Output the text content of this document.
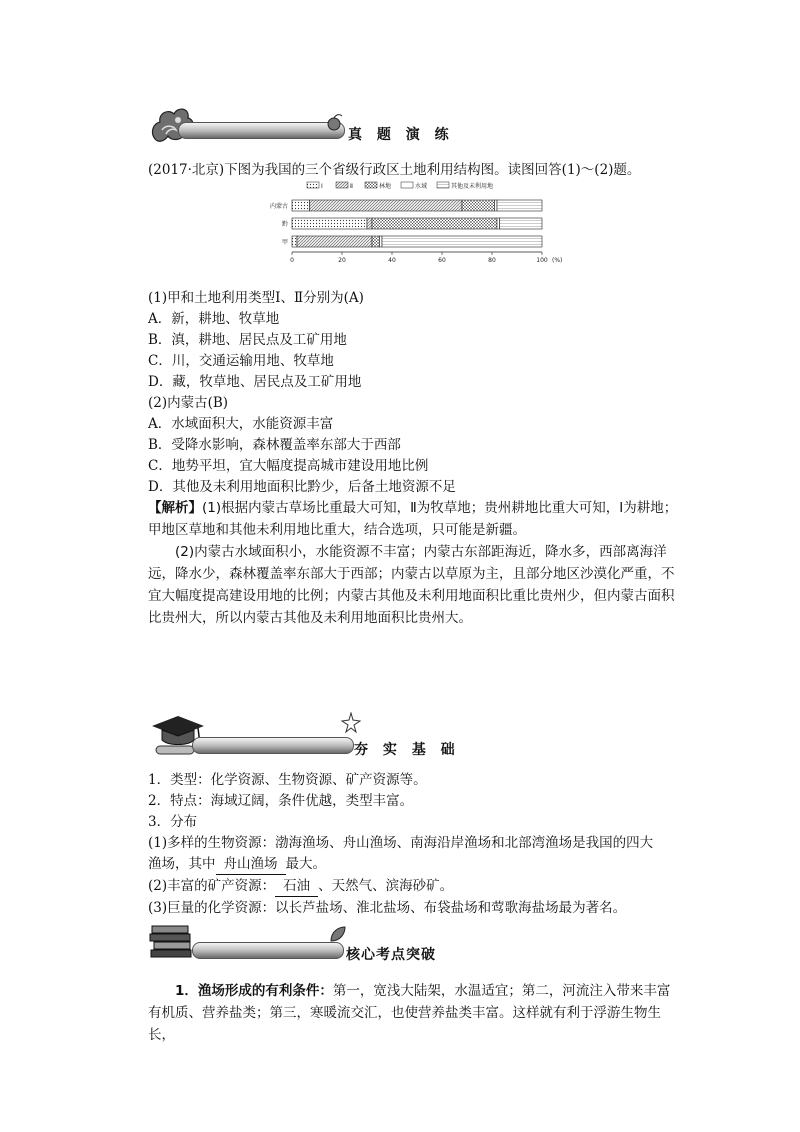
真 题 演 练
(2017·北京)下图为我国的三个省级行政区土地利用结构图。读图回答(1)～(2)题。
Ⅰ	Ⅱ	林地	水域	其他及未利用地
内蒙古
黔
甲
0	20	40	60	80	100 (%)
(1)甲和土地利用类型Ⅰ、Ⅱ分别为(A)
A．新，耕地、牧草地
B．滇，耕地、居民点及工矿用地
C．川，交通运输用地、牧草地
D．藏，牧草地、居民点及工矿用地
(2)内蒙古(B)
A．水域面积大，水能资源丰富
B．受降水影响，森林覆盖率东部大于西部
C．地势平坦，宜大幅度提高城市建设用地比例
D．其他及未利用地面积比黔少，后备土地资源不足
【解析】(1)根据内蒙古草场比重最大可知，Ⅱ为牧草地；贵州耕地比重大可知，Ⅰ为耕地；甲地区草地和其他未利用地比重大，结合选项，只可能是新疆。
(2)内蒙古水域面积小，水能资源不丰富；内蒙古东部距海近，降水多，西部离海洋远，降水少，森林覆盖率东部大于西部；内蒙古以草原为主，且部分地区沙漠化严重，不宜大幅度提高建设用地的比例；内蒙古其他及未利用地面积比重比贵州少，但内蒙古面积比贵州大，所以内蒙古其他及未利用地面积比贵州大。
夯 实 基 础
1．类型：化学资源、生物资源、矿产资源等。
2．特点：海域辽阔，条件优越，类型丰富。
3．分布
(1)多样的生物资源：渤海渔场、舟山渔场、南海沿岸渔场和北部湾渔场是我国的四大
渔场，其中 舟山渔场 最大。
(2)丰富的矿产资源： 石油 、天然气、滨海砂矿。
(3)巨量的化学资源：以长芦盐场、淮北盐场、布袋盐场和莺歌海盐场最为著名。
核心考点突破
1．渔场形成的有利条件：第一，宽浅大陆架，水温适宜；第二，河流注入带来丰富有机质、营养盐类；第三，寒暖流交汇，也使营养盐类丰富。这样就有利于浮游生物生长，
